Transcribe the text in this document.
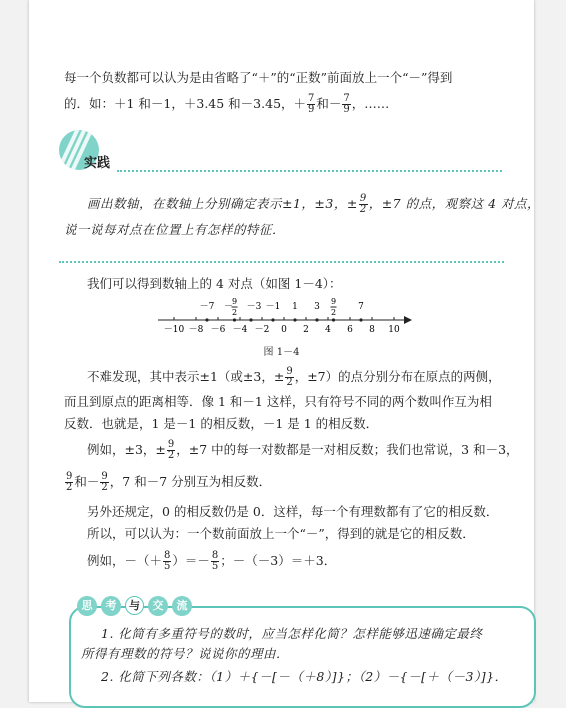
每一个负数都可以认为是由省略了“＋”的“正数”前面放上一个“－”得到
的．如：＋1 和－1，＋3.45 和－3.45，＋ $\frac{7}{9}$ 和－ $\frac{7}{9}$ ，……
实践
画出数轴，在数轴上分别确定表示±1，±3，± $\frac{9}{2}$ ，±7 的点，观察这 4 对点，
说一说每对点在位置上有怎样的特征．
我们可以得到数轴上的 4 对点（如图 1－4）：
－10 －8 －6 －4 －2 0 2 4 6 8 10
－7 －
9
2
－3 －1 1 3
9
2
7
图 1－4
不难发现，其中表示±1（或±3，± $\frac{9}{2}$ ，±7）的点分别分布在原点的两侧，
而且到原点的距离相等．像 1 和－1 这样，只有符号不同的两个数叫作互为相
反数．也就是，1 是－1 的相反数，－1 是 1 的相反数．
例如，±3，± $\frac{9}{2}$ ，±7 中的每一对数都是一对相反数；我们也常说，3 和－3，
$\frac{9}{2}$ 和－ $\frac{9}{2}$ ，7 和－7 分别互为相反数．
另外还规定，0 的相反数仍是 0．这样，每一个有理数都有了它的相反数．
所以，可以认为：一个数前面放上一个“－”，得到的就是它的相反数．
例如，－（＋ $\frac{8}{5}$ ）＝－ $\frac{8}{5}$ ；－（－3）＝＋3．
思	考	与	交	流
1. 化简有多重符号的数时，应当怎样化简？怎样能够迅速确定最终
所得有理数的符号？说说你的理由．
2. 化简下列各数：（1）＋{－[－（＋8）]}；（2）－{－[＋（－3）]}．
